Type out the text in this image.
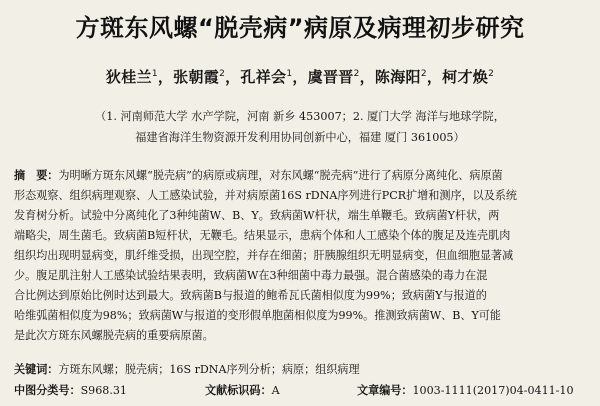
方斑东风螺“脱壳病”病原及病理初步研究
狄桂兰$^1$，张朝霞$^2$，孔祥会$^1$，虞晋晋$^2$，陈海阳$^2$，柯才焕$^2$
（1. 河南师范大学 水产学院，河南 新乡 453007；2. 厦门大学 海洋与地球学院，
福建省海洋生物资源开发利用协同创新中心，福建 厦门 361005）
摘　要：为明晰方斑东风螺“脱壳病”的病原或病理，对东风螺“脱壳病”进行了病原分离纯化、病原菌
形态观察、组织病理观察、人工感染试验，并对病原菌16S rDNA序列进行PCR扩增和测序，以及系统
发育树分析。试验中分离纯化了3种纯菌W、B、Y。致病菌W杆状，端生单鞭毛。致病菌Y杆状，两
端略尖，周生菌毛。致病菌B短杆状，无鞭毛。结果显示，患病个体和人工感染个体的腹足及连壳肌肉
组织均出现明显病变，肌纤维受损，出现空腔，并存在细菌；肝胰腺组织无明显病变，但血细胞显著减
少。腹足肌注射人工感染试验结果表明，致病菌W在3种细菌中毒力最强。混合菌感染的毒力在混
合比例达到原始比例时达到最大。致病菌B与报道的鲍希瓦氏菌相似度为99%；致病菌Y与报道的
哈维弧菌相似度为98%；致病菌W与报道的变形假单胞菌相似度为99%。推测致病菌W、B、Y可能
是此次方斑东风螺脱壳病的重要病原菌。
关键词：方斑东风螺；脱壳病；16S rDNA序列分析；病原；组织病理
中图分类号：S968.31	文献标识码：A	文章编号：1003-1111(2017)04-0411-10
